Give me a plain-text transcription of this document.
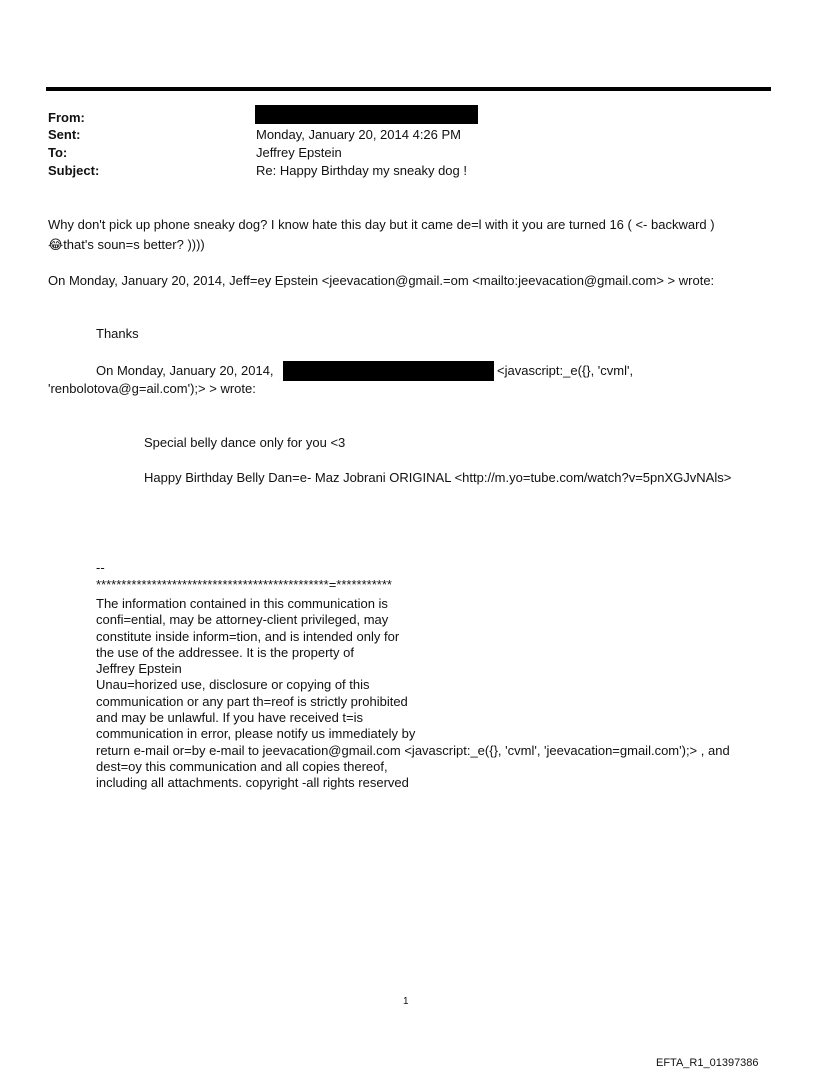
From:
Sent:	Monday, January 20, 2014 4:26 PM
To:	Jeffrey Epstein
Subject:	Re: Happy Birthday my sneaky dog !
Why don't pick up phone sneaky dog? I know hate this day but it came de=l with it you are turned 16 ( <- backward )
😂that's soun=s better? ))))
On Monday, January 20, 2014, Jeff=ey Epstein <jeevacation@gmail.=om <mailto:jeevacation@gmail.com> > wrote:
Thanks
On Monday, January 20, 2014,	<javascript:_e({}, 'cvml',
'renbolotova@g=ail.com');> > wrote:
Special belly dance only for you <3
Happy Birthday Belly Dan=e- Maz Jobrani ORIGINAL <http://m.yo=tube.com/watch?v=5pnXGJvNAls>
--
**********************************************=***********
The information contained in this communication is
confi=ential, may be attorney-client privileged, may
constitute inside inform=tion, and is intended only for
the use of the addressee. It is the property of
Jeffrey Epstein
Unau=horized use, disclosure or copying of this
communication or any part th=reof is strictly prohibited
and may be unlawful. If you have received t=is
communication in error, please notify us immediately by
return e-mail or=by e-mail to jeevacation@gmail.com <javascript:_e({}, 'cvml', 'jeevacation=gmail.com');> , and
dest=oy this communication and all copies thereof,
including all attachments. copyright -all rights reserved
1
EFTA_R1_01397386
